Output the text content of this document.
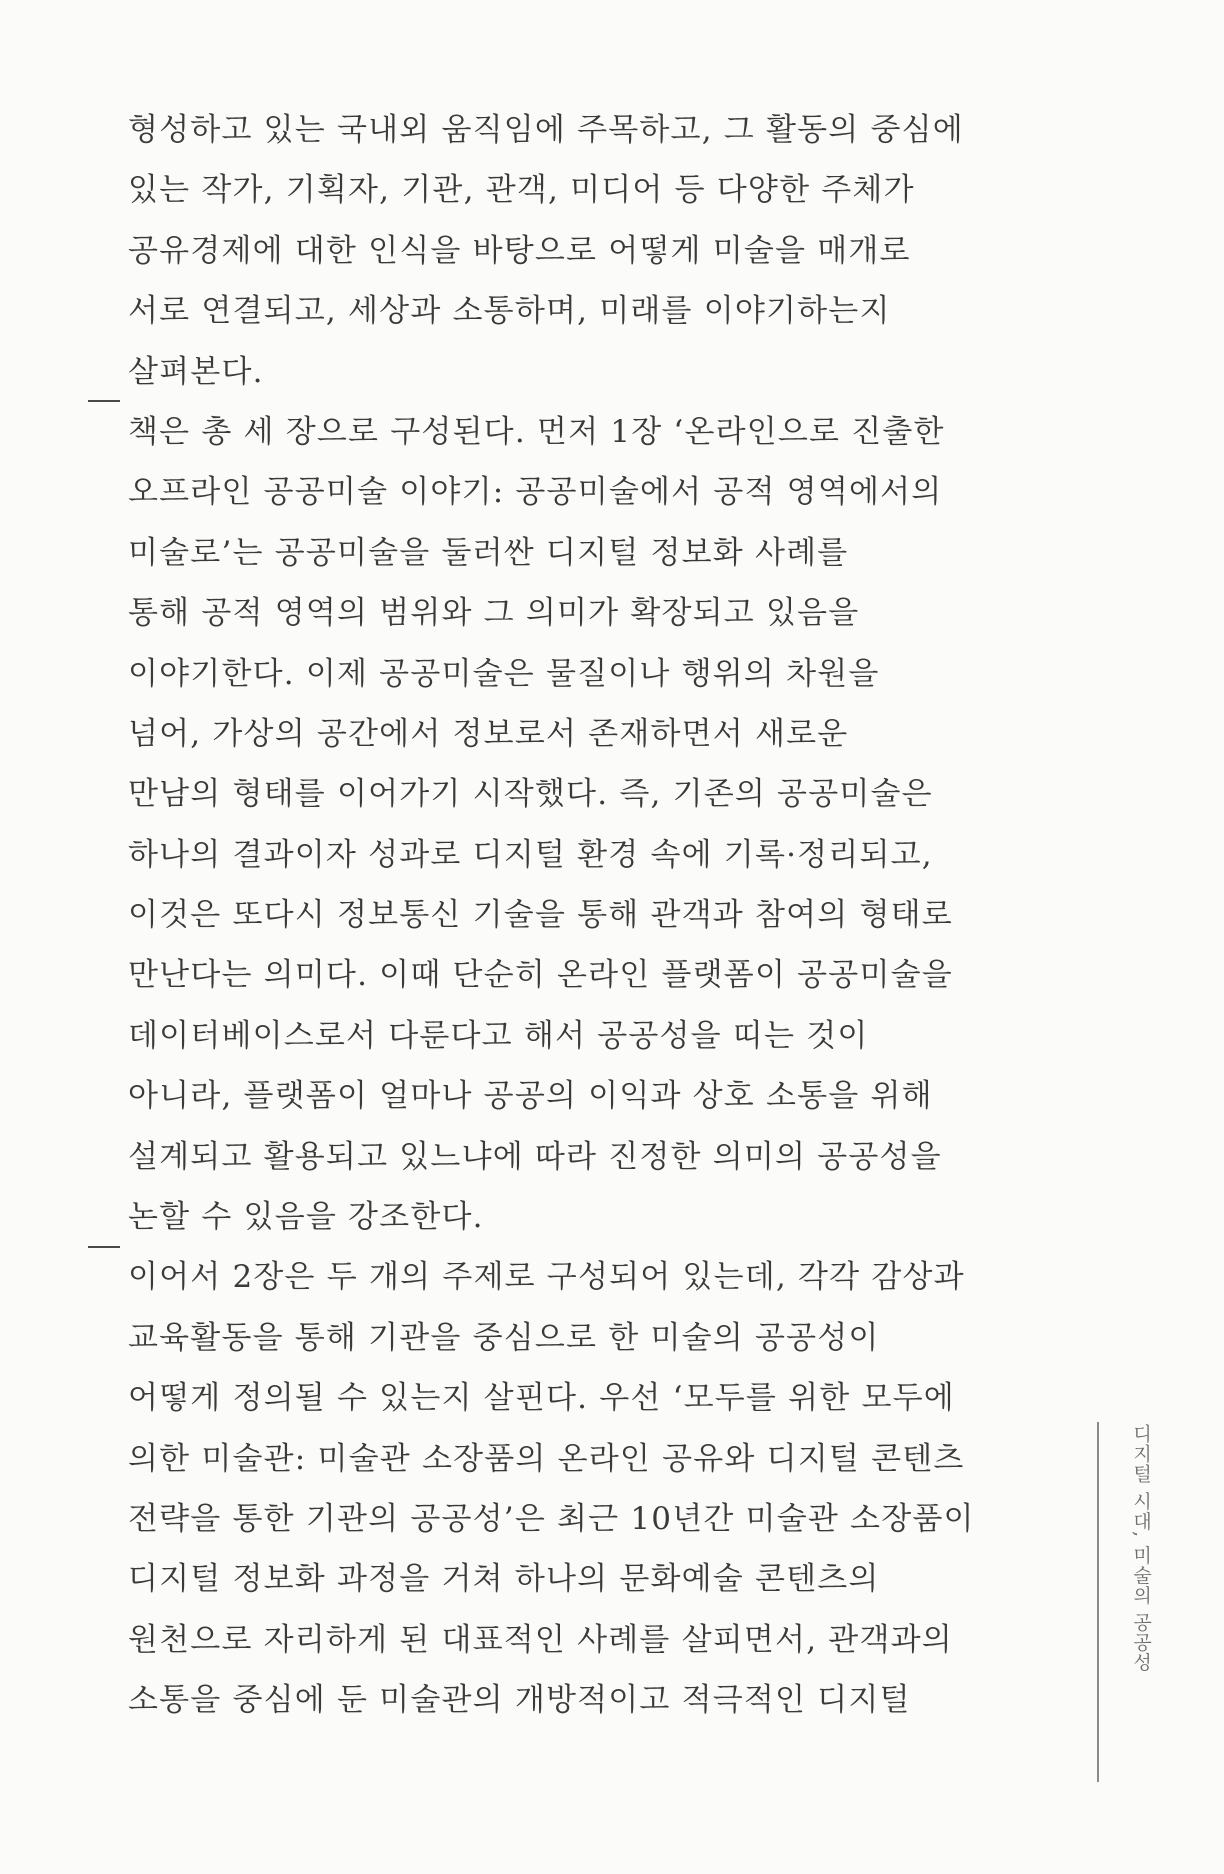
형성하고 있는 국내외 움직임에 주목하고, 그 활동의 중심에
있는 작가, 기획자, 기관, 관객, 미디어 등 다양한 주체가
공유경제에 대한 인식을 바탕으로 어떻게 미술을 매개로
서로 연결되고, 세상과 소통하며, 미래를 이야기하는지
살펴본다.
책은 총 세 장으로 구성된다. 먼저 1장 ‘온라인으로 진출한
오프라인 공공미술 이야기: 공공미술에서 공적 영역에서의
미술로’는 공공미술을 둘러싼 디지털 정보화 사례를
통해 공적 영역의 범위와 그 의미가 확장되고 있음을
이야기한다. 이제 공공미술은 물질이나 행위의 차원을
넘어, 가상의 공간에서 정보로서 존재하면서 새로운
만남의 형태를 이어가기 시작했다. 즉, 기존의 공공미술은
하나의 결과이자 성과로 디지털 환경 속에 기록·정리되고,
이것은 또다시 정보통신 기술을 통해 관객과 참여의 형태로
만난다는 의미다. 이때 단순히 온라인 플랫폼이 공공미술을
데이터베이스로서 다룬다고 해서 공공성을 띠는 것이
아니라, 플랫폼이 얼마나 공공의 이익과 상호 소통을 위해
설계되고 활용되고 있느냐에 따라 진정한 의미의 공공성을
논할 수 있음을 강조한다.
이어서 2장은 두 개의 주제로 구성되어 있는데, 각각 감상과
교육활동을 통해 기관을 중심으로 한 미술의 공공성이
어떻게 정의될 수 있는지 살핀다. 우선 ‘모두를 위한 모두에
의한 미술관: 미술관 소장품의 온라인 공유와 디지털 콘텐츠
전략을 통한 기관의 공공성’은 최근 10년간 미술관 소장품이
디지털 정보화 과정을 거쳐 하나의 문화예술 콘텐츠의
원천으로 자리하게 된 대표적인 사례를 살피면서, 관객과의
소통을 중심에 둔 미술관의 개방적이고 적극적인 디지털
디지털 시대, 미술의 공공성
